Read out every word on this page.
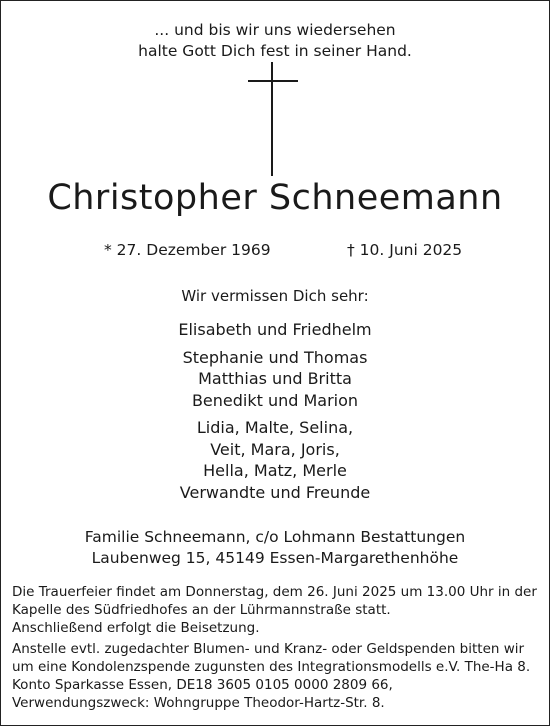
... und bis wir uns wiedersehen
halte Gott Dich fest in seiner Hand.
Christopher Schneemann
* 27. Dezember 1969	† 10. Juni 2025
Wir vermissen Dich sehr:
Elisabeth und Friedhelm
Stephanie und Thomas
Matthias und Britta
Benedikt und Marion
Lidia, Malte, Selina,
Veit, Mara, Joris,
Hella, Matz, Merle
Verwandte und Freunde
Familie Schneemann, c/o Lohmann Bestattungen
Laubenweg 15, 45149 Essen-Margarethenhöhe
Die Trauerfeier findet am Donnerstag, dem 26. Juni 2025 um 13.00 Uhr in der
Kapelle des Südfriedhofes an der Lührmannstraße statt.
Anschließend erfolgt die Beisetzung.
Anstelle evtl. zugedachter Blumen- und Kranz- oder Geldspenden bitten wir
um eine Kondolenzspende zugunsten des Integrationsmodells e.V. The-Ha 8.
Konto Sparkasse Essen, DE18 3605 0105 0000 2809 66,
Verwendungszweck: Wohngruppe Theodor-Hartz-Str. 8.
